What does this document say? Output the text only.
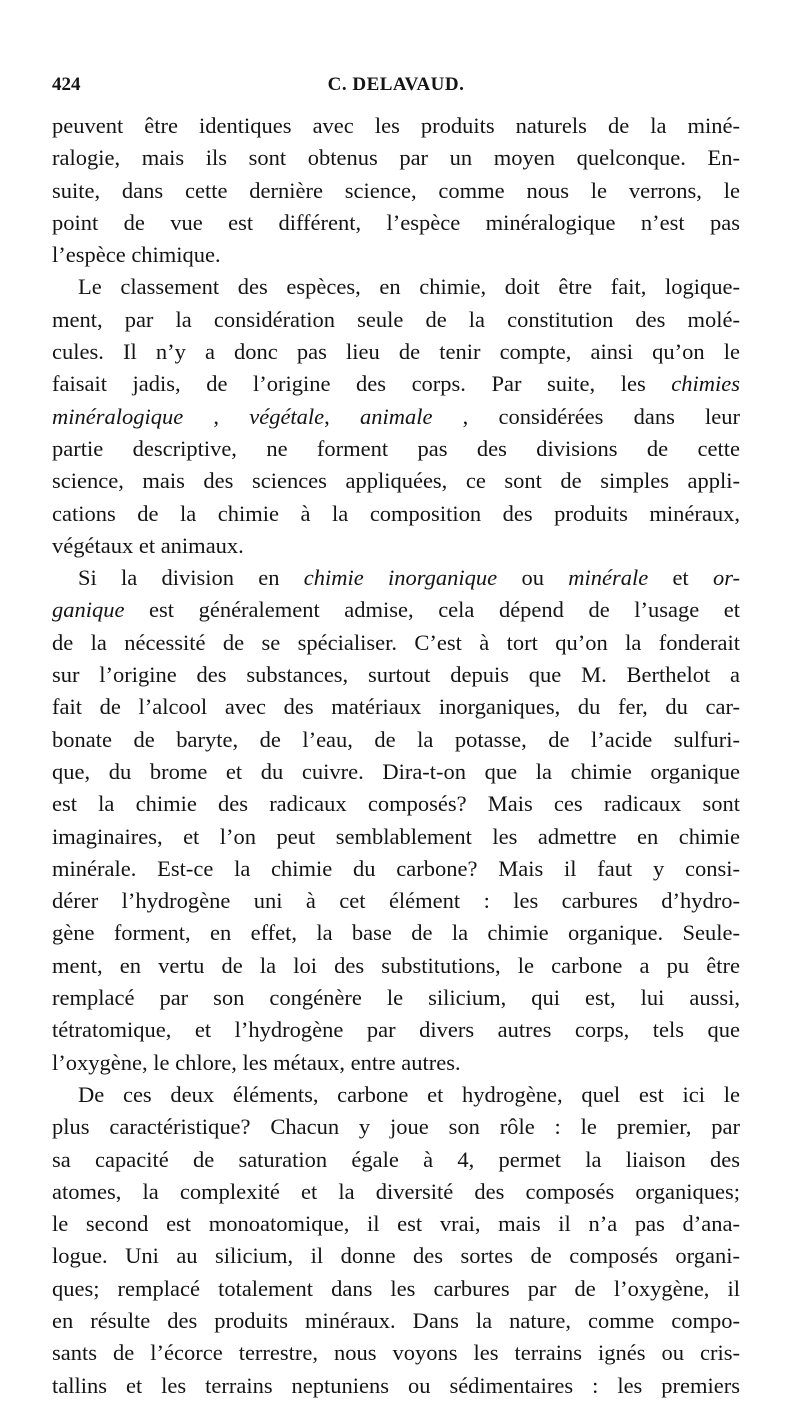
424	C. DELAVAUD.
peuvent être identiques avec les produits naturels de la miné-
ralogie, mais ils sont obtenus par un moyen quelconque. En-
suite, dans cette dernière science, comme nous le verrons, le
point de vue est différent, l’espèce minéralogique n’est pas
l’espèce chimique.
Le classement des espèces, en chimie, doit être fait, logique-
ment, par la considération seule de la constitution des molé-
cules. Il n’y a donc pas lieu de tenir compte, ainsi qu’on le
faisait jadis, de l’origine des corps. Par suite, les chimies
minéralogique , végétale, animale , considérées dans leur
partie descriptive, ne forment pas des divisions de cette
science, mais des sciences appliquées, ce sont de simples appli-
cations de la chimie à la composition des produits minéraux,
végétaux et animaux.
Si la division en chimie inorganique ou minérale et or-
ganique est généralement admise, cela dépend de l’usage et
de la nécessité de se spécialiser. C’est à tort qu’on la fonderait
sur l’origine des substances, surtout depuis que M. Berthelot a
fait de l’alcool avec des matériaux inorganiques, du fer, du car-
bonate de baryte, de l’eau, de la potasse, de l’acide sulfuri-
que, du brome et du cuivre. Dira-t-on que la chimie organique
est la chimie des radicaux composés? Mais ces radicaux sont
imaginaires, et l’on peut semblablement les admettre en chimie
minérale. Est-ce la chimie du carbone? Mais il faut y consi-
dérer l’hydrogène uni à cet élément : les carbures d’hydro-
gène forment, en effet, la base de la chimie organique. Seule-
ment, en vertu de la loi des substitutions, le carbone a pu être
remplacé par son congénère le silicium, qui est, lui aussi,
tétratomique, et l’hydrogène par divers autres corps, tels que
l’oxygène, le chlore, les métaux, entre autres.
De ces deux éléments, carbone et hydrogène, quel est ici le
plus caractéristique? Chacun y joue son rôle : le premier, par
sa capacité de saturation égale à 4, permet la liaison des
atomes, la complexité et la diversité des composés organiques;
le second est monoatomique, il est vrai, mais il n’a pas d’ana-
logue. Uni au silicium, il donne des sortes de composés organi-
ques; remplacé totalement dans les carbures par de l’oxygène, il
en résulte des produits minéraux. Dans la nature, comme compo-
sants de l’écorce terrestre, nous voyons les terrains ignés ou cris-
tallins et les terrains neptuniens ou sédimentaires : les premiers
